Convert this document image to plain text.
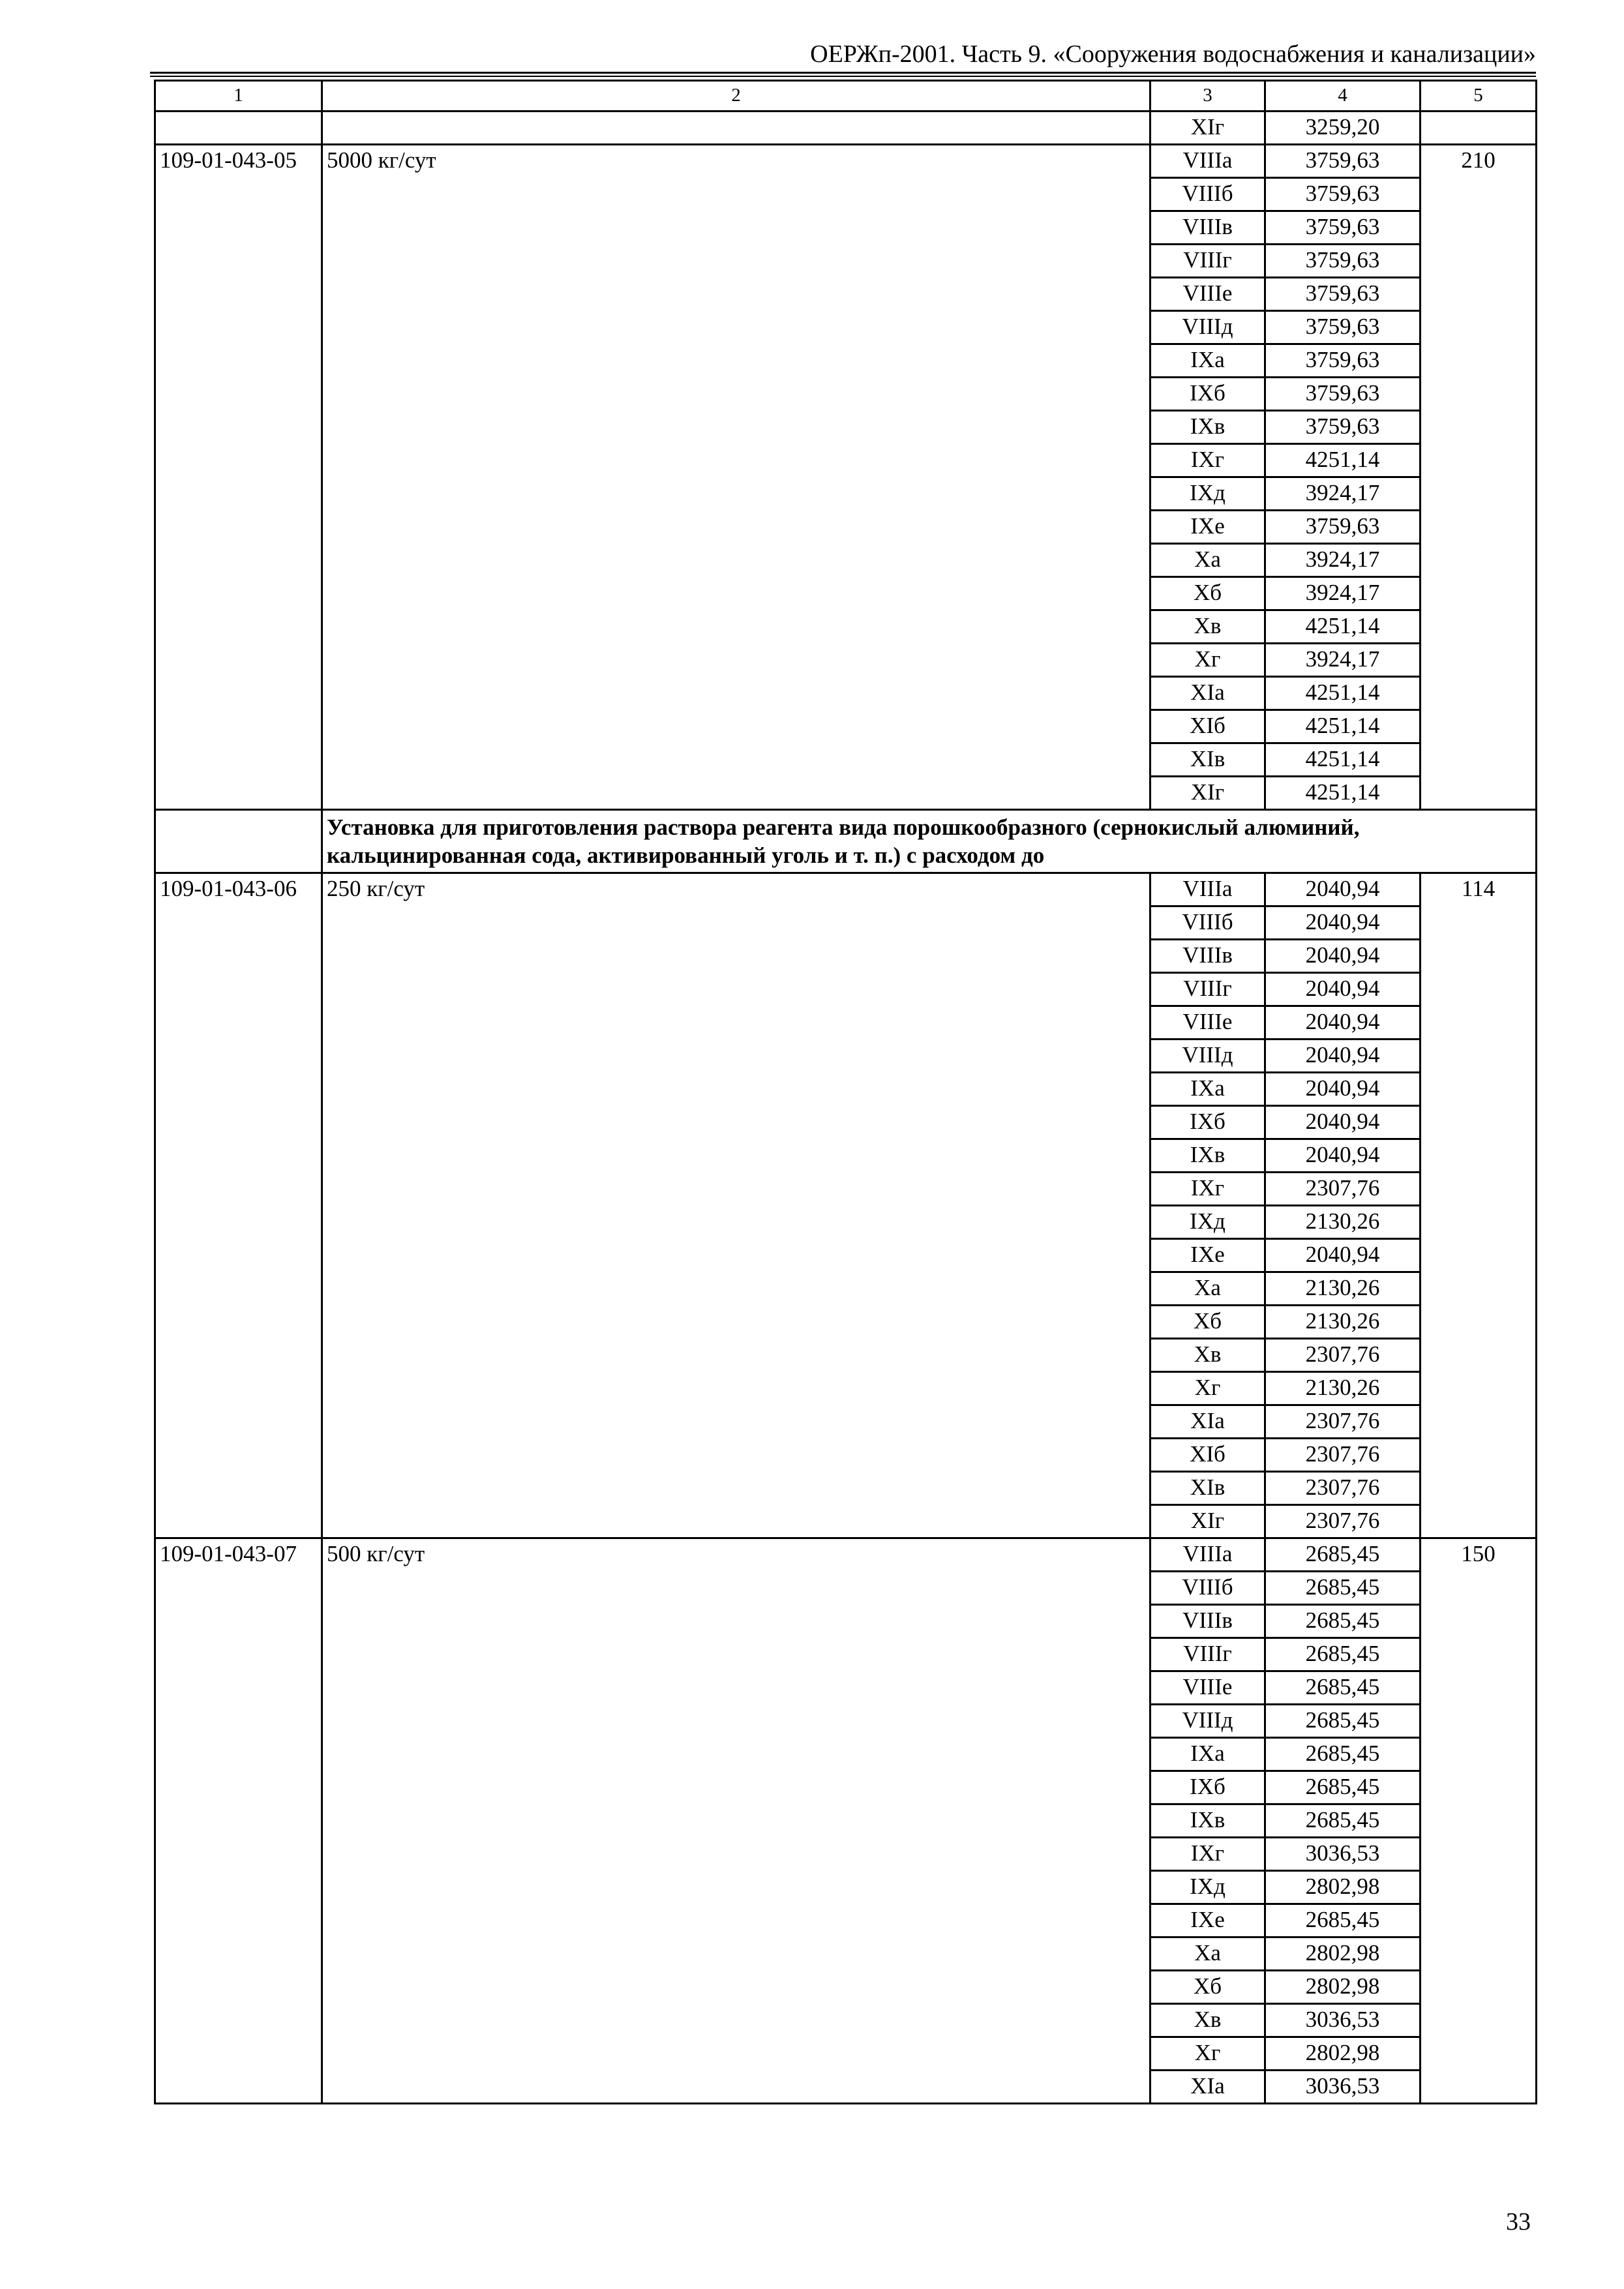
ОЕРЖп-2001. Часть 9. «Сооружения водоснабжения и канализации»
1	2	3	4	5
		XIг	3259,20	
109-01-043-05	5000 кг/сут	VIIIа	3759,63	210
		VIIIб	3759,63	
		VIIIв	3759,63	
		VIIIг	3759,63	
		VIIIе	3759,63	
		VIIIд	3759,63	
		IXа	3759,63	
		IXб	3759,63	
		IXв	3759,63	
		IXг	4251,14	
		IXд	3924,17	
		IXе	3759,63	
		Xа	3924,17	
		Xб	3924,17	
		Xв	4251,14	
		Xг	3924,17	
		XIа	4251,14	
		XIб	4251,14	
		XIв	4251,14	
		XIг	4251,14	
	Установка для приготовления раствора реагента вида порошкообразного (сернокислый алюминий, кальцинированная сода, активированный уголь и т. п.) с расходом до			
109-01-043-06	250 кг/сут	VIIIа	2040,94	114
		VIIIб	2040,94	
		VIIIв	2040,94	
		VIIIг	2040,94	
		VIIIе	2040,94	
		VIIIд	2040,94	
		IXа	2040,94	
		IXб	2040,94	
		IXв	2040,94	
		IXг	2307,76	
		IXд	2130,26	
		IXе	2040,94	
		Xа	2130,26	
		Xб	2130,26	
		Xв	2307,76	
		Xг	2130,26	
		XIа	2307,76	
		XIб	2307,76	
		XIв	2307,76	
		XIг	2307,76	
109-01-043-07	500 кг/сут	VIIIа	2685,45	150
		VIIIб	2685,45	
		VIIIв	2685,45	
		VIIIг	2685,45	
		VIIIе	2685,45	
		VIIIд	2685,45	
		IXа	2685,45	
		IXб	2685,45	
		IXв	2685,45	
		IXг	3036,53	
		IXд	2802,98	
		IXе	2685,45	
		Xа	2802,98	
		Xб	2802,98	
		Xв	3036,53	
		Xг	2802,98	
		XIа	3036,53	
33
